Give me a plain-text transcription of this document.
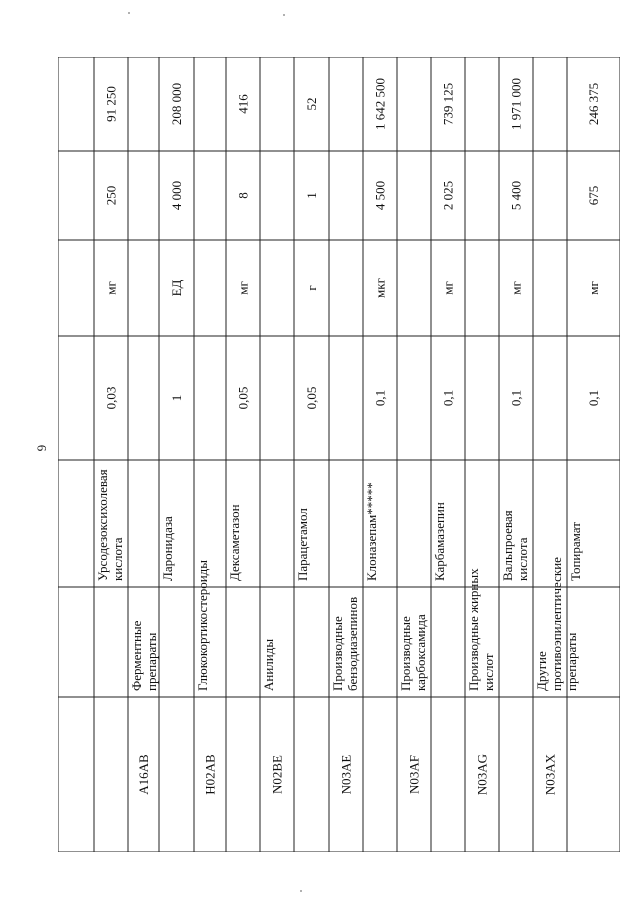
6
91 250
250
мг
0,03
Урсодезоксихолевая кислота
Ферментные препараты
A16AB
208 000
4 000
ЕД
1
Ларонидаза
Глюкокортикостероиды
H02AB
416
8
мг
0,05
Дексаметазон
Анилиды
N02BE
52
1
г
0,05
Парацетамол
Производные бензодиазепинов
N03AE
1 642 500
4 500
мкг
0,1
Клоназепам*****
Производные карбоксамида
N03AF
739 125
2 025
мг
0,1
Карбамазепин
Производные жирных кислот
N03AG
1 971 000
5 400
мг
0,1
Вальпроевая кислота
Другие противоэпилептические препараты
N03AX
246 375
675
мг
0,1
Топирамат
